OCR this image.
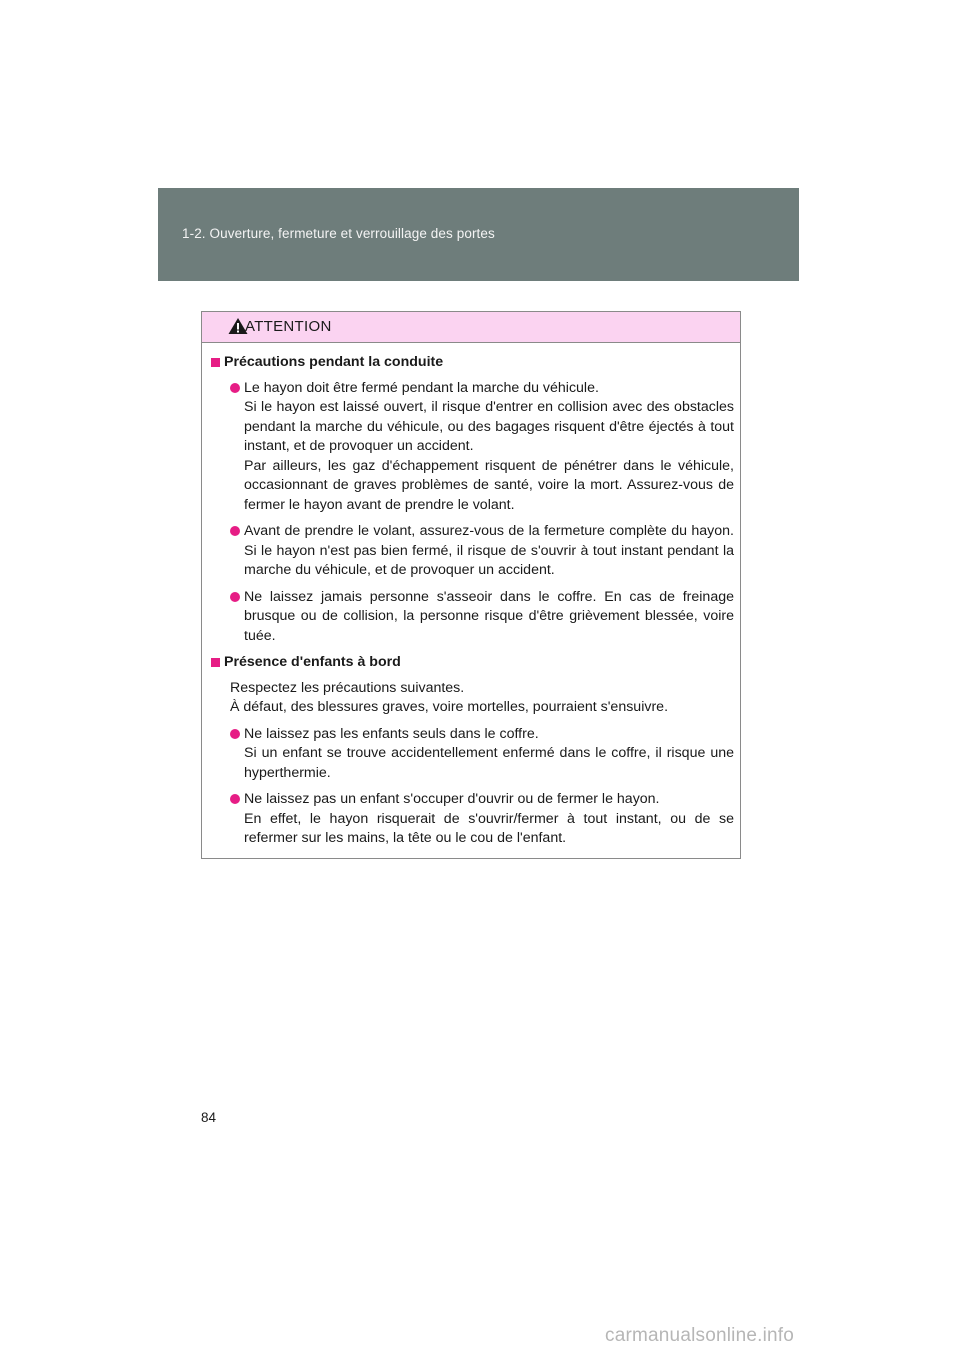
1-2. Ouverture, fermeture et verrouillage des portes
ATTENTION
Précautions pendant la conduite

Le hayon doit être fermé pendant la marche du véhicule.

Si le hayon est laissé ouvert, il risque d'entrer en collision avec des obstacles pendant la marche du véhicule, ou des bagages risquent d'être éjectés à tout instant, et de provoquer un accident.

Par ailleurs, les gaz d'échappement risquent de pénétrer dans le véhicule, occasionnant de graves problèmes de santé, voire la mort. Assurez-vous de fermer le hayon avant de prendre le volant.

Avant de prendre le volant, assurez-vous de la fermeture complète du hayon. Si le hayon n'est pas bien fermé, il risque de s'ouvrir à tout instant pendant la marche du véhicule, et de provoquer un accident.

Ne laissez jamais personne s'asseoir dans le coffre. En cas de freinage brusque ou de collision, la personne risque d'être grièvement blessée, voire tuée.

Présence d'enfants à bord

Respectez les précautions suivantes.

À défaut, des blessures graves, voire mortelles, pourraient s'ensuivre.

Ne laissez pas les enfants seuls dans le coffre.

Si un enfant se trouve accidentellement enfermé dans le coffre, il risque une hyperthermie.

Ne laissez pas un enfant s'occuper d'ouvrir ou de fermer le hayon.

En effet, le hayon risquerait de s'ouvrir/fermer à tout instant, ou de se refermer sur les mains, la tête ou le cou de l'enfant.

84
carmanualsonline.info
